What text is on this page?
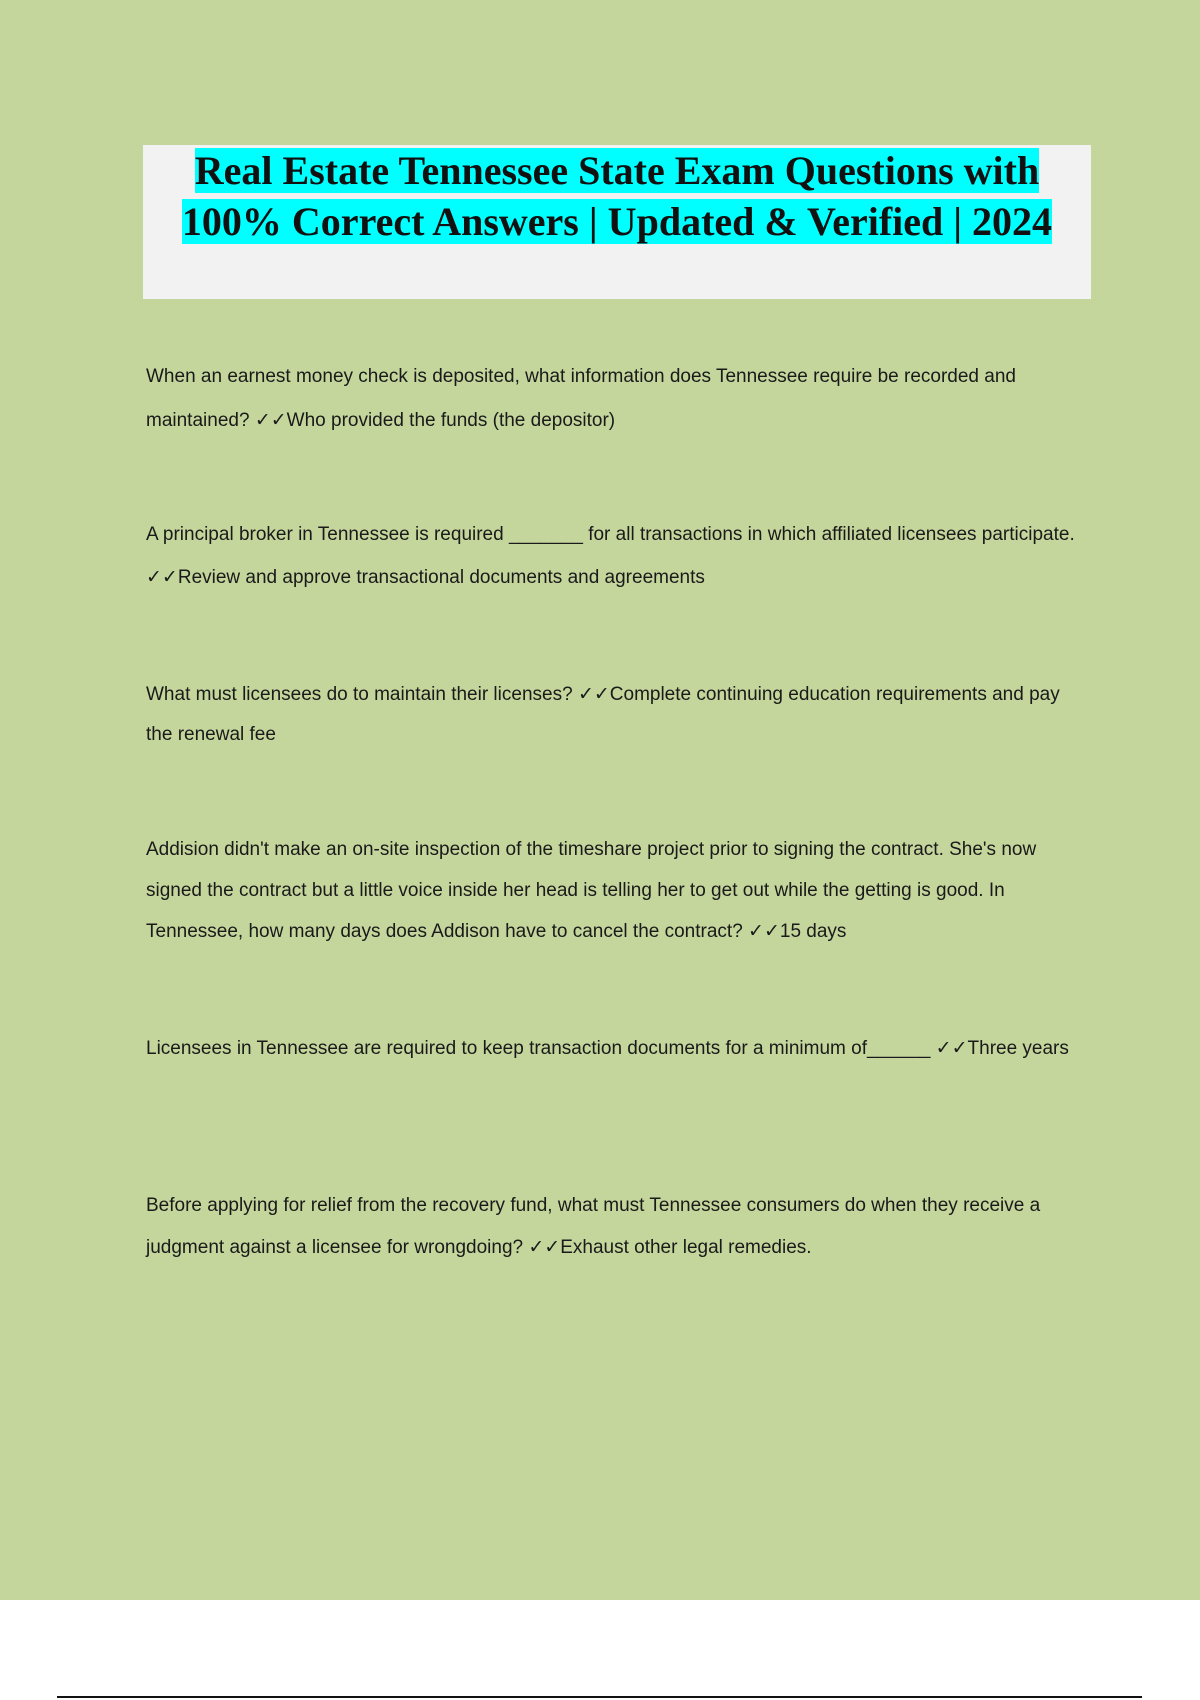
Real Estate Tennessee State Exam Questions with 100% Correct Answers | Updated & Verified | 2024

When an earnest money check is deposited, what information does Tennessee require be recorded and maintained? ✓✓Who provided the funds (the depositor)

A principal broker in Tennessee is required _______ for all transactions in which affiliated licensees participate. ✓✓Review and approve transactional documents and agreements

What must licensees do to maintain their licenses? ✓✓Complete continuing education requirements and pay the renewal fee

Addision didn't make an on-site inspection of the timeshare project prior to signing the contract. She's now signed the contract but a little voice inside her head is telling her to get out while the getting is good. In Tennessee, how many days does Addison have to cancel the contract? ✓✓15 days

Licensees in Tennessee are required to keep transaction documents for a minimum of______ ✓✓Three years

Before applying for relief from the recovery fund, what must Tennessee consumers do when they receive a judgment against a licensee for wrongdoing? ✓✓Exhaust other legal remedies.
